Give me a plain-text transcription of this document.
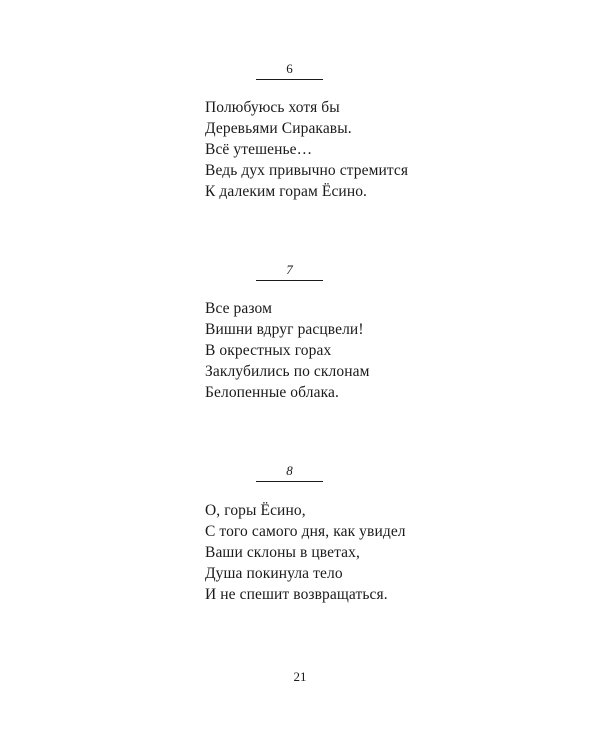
6
Полюбуюсь хотя бы
Деревьями Сиракавы.
Всё утешенье…
Ведь дух привычно стремится
К далеким горам Ёсино.
7
Все разом
Вишни вдруг расцвели!
В окрестных горах
Заклубились по склонам
Белопенные облака.
8
О, горы Ёсино,
С того самого дня, как увидел
Ваши склоны в цветах,
Душа покинула тело
И не спешит возвращаться.
21
